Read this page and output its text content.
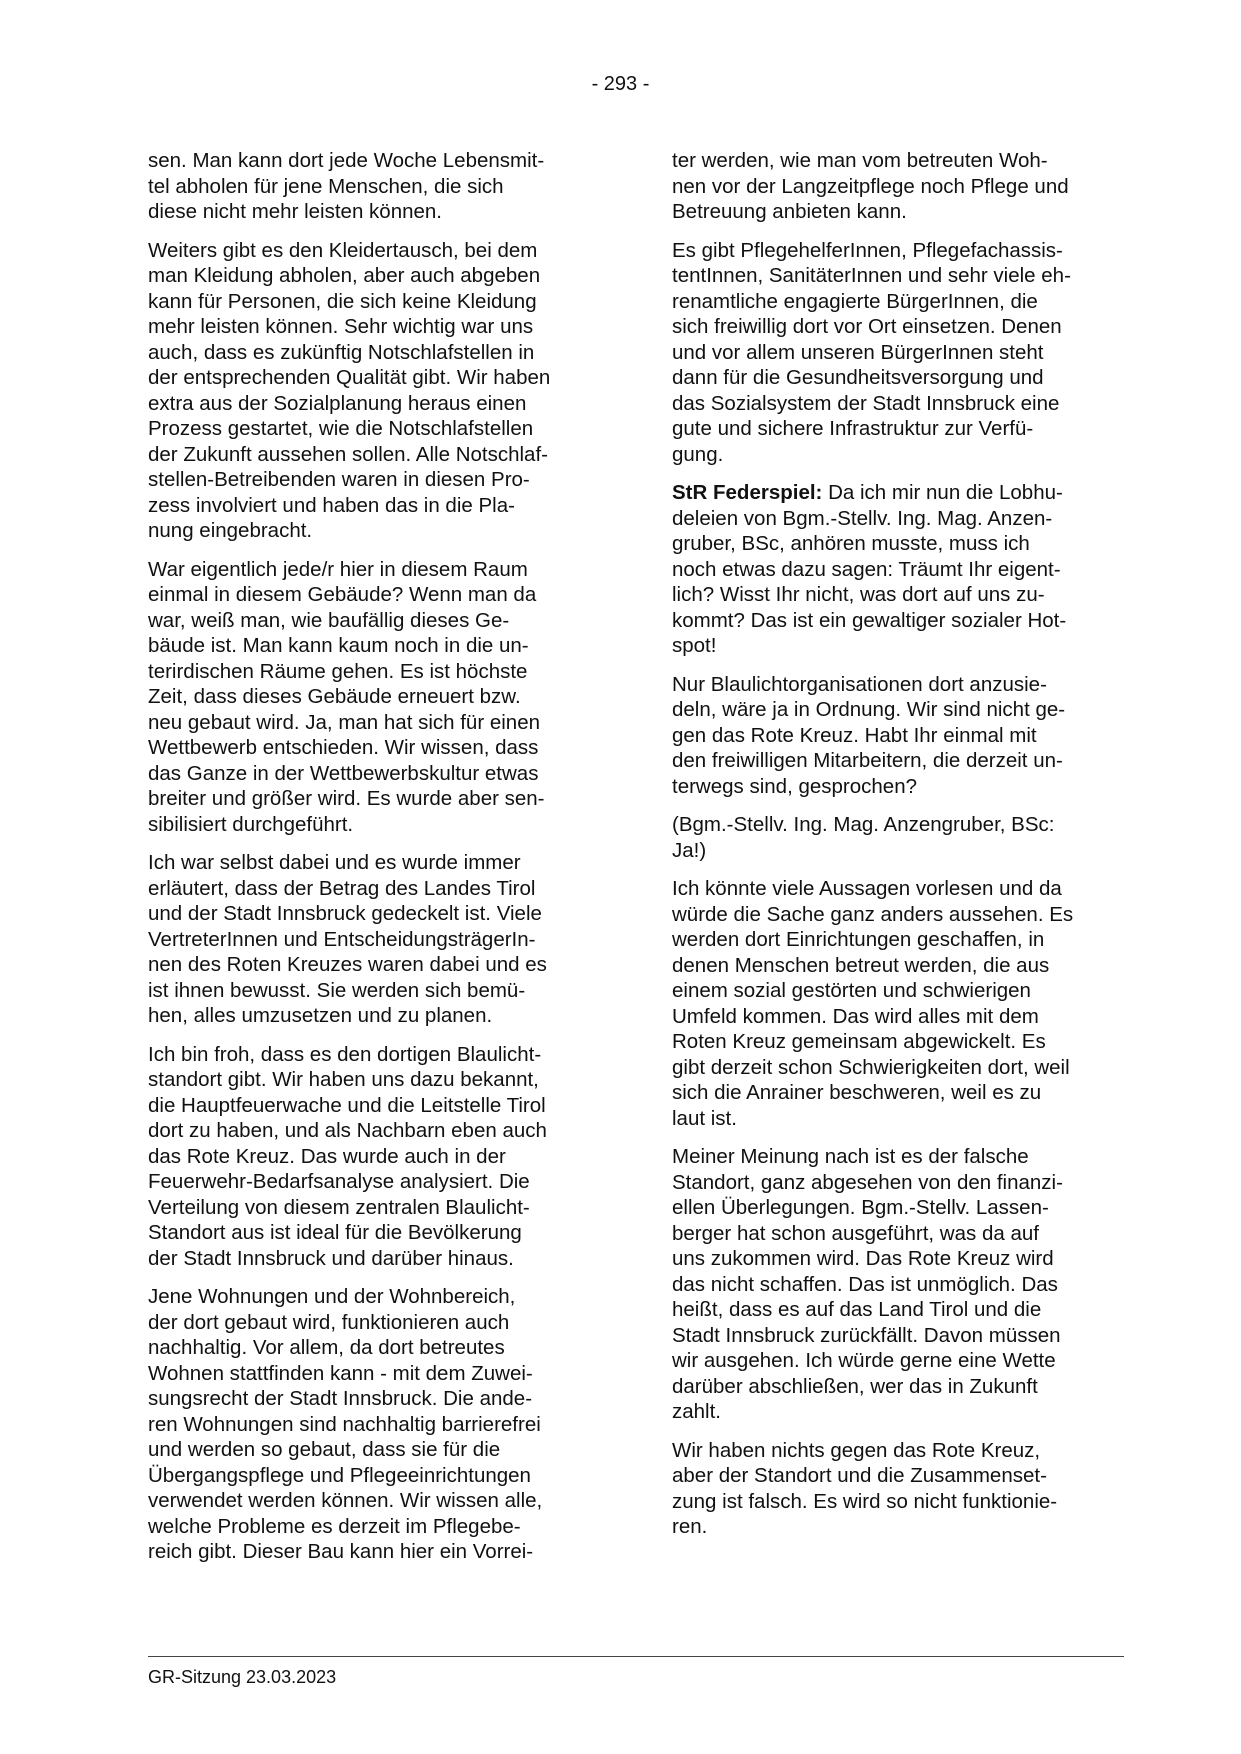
- 293 -

sen. Man kann dort jede Woche Lebensmit-
tel abholen für jene Menschen, die sich
diese nicht mehr leisten können.

Weiters gibt es den Kleidertausch, bei dem
man Kleidung abholen, aber auch abgeben
kann für Personen, die sich keine Kleidung
mehr leisten können. Sehr wichtig war uns
auch, dass es zukünftig Notschlafstellen in
der entsprechenden Qualität gibt. Wir haben
extra aus der Sozialplanung heraus einen
Prozess gestartet, wie die Notschlafstellen
der Zukunft aussehen sollen. Alle Notschlaf-
stellen-Betreibenden waren in diesen Pro-
zess involviert und haben das in die Pla-
nung eingebracht.

War eigentlich jede/r hier in diesem Raum
einmal in diesem Gebäude? Wenn man da
war, weiß man, wie baufällig dieses Ge-
bäude ist. Man kann kaum noch in die un-
terirdischen Räume gehen. Es ist höchste
Zeit, dass dieses Gebäude erneuert bzw.
neu gebaut wird. Ja, man hat sich für einen
Wettbewerb entschieden. Wir wissen, dass
das Ganze in der Wettbewerbskultur etwas
breiter und größer wird. Es wurde aber sen-
sibilisiert durchgeführt.

Ich war selbst dabei und es wurde immer
erläutert, dass der Betrag des Landes Tirol
und der Stadt Innsbruck gedeckelt ist. Viele
VertreterInnen und EntscheidungsträgerIn-
nen des Roten Kreuzes waren dabei und es
ist ihnen bewusst. Sie werden sich bemü-
hen, alles umzusetzen und zu planen.

Ich bin froh, dass es den dortigen Blaulicht-
standort gibt. Wir haben uns dazu bekannt,
die Hauptfeuerwache und die Leitstelle Tirol
dort zu haben, und als Nachbarn eben auch
das Rote Kreuz. Das wurde auch in der
Feuerwehr-Bedarfsanalyse analysiert. Die
Verteilung von diesem zentralen Blaulicht-
Standort aus ist ideal für die Bevölkerung
der Stadt Innsbruck und darüber hinaus.

Jene Wohnungen und der Wohnbereich,
der dort gebaut wird, funktionieren auch
nachhaltig. Vor allem, da dort betreutes
Wohnen stattfinden kann - mit dem Zuwei-
sungsrecht der Stadt Innsbruck. Die ande-
ren Wohnungen sind nachhaltig barrierefrei
und werden so gebaut, dass sie für die
Übergangspflege und Pflegeeinrichtungen
verwendet werden können. Wir wissen alle,
welche Probleme es derzeit im Pflegebe-
reich gibt. Dieser Bau kann hier ein Vorrei-

ter werden, wie man vom betreuten Woh-
nen vor der Langzeitpflege noch Pflege und
Betreuung anbieten kann.

Es gibt PflegehelferInnen, Pflegefachassis-
tentInnen, SanitäterInnen und sehr viele eh-
renamtliche engagierte BürgerInnen, die
sich freiwillig dort vor Ort einsetzen. Denen
und vor allem unseren BürgerInnen steht
dann für die Gesundheitsversorgung und
das Sozialsystem der Stadt Innsbruck eine
gute und sichere Infrastruktur zur Verfü-
gung.

StR Federspiel: Da ich mir nun die Lobhu-
deleien von Bgm.-Stellv. Ing. Mag. Anzen-
gruber, BSc, anhören musste, muss ich
noch etwas dazu sagen: Träumt Ihr eigent-
lich? Wisst Ihr nicht, was dort auf uns zu-
kommt? Das ist ein gewaltiger sozialer Hot-
spot!

Nur Blaulichtorganisationen dort anzusie-
deln, wäre ja in Ordnung. Wir sind nicht ge-
gen das Rote Kreuz. Habt Ihr einmal mit
den freiwilligen Mitarbeitern, die derzeit un-
terwegs sind, gesprochen?

(Bgm.-Stellv. Ing. Mag. Anzengruber, BSc:
Ja!)

Ich könnte viele Aussagen vorlesen und da
würde die Sache ganz anders aussehen. Es
werden dort Einrichtungen geschaffen, in
denen Menschen betreut werden, die aus
einem sozial gestörten und schwierigen
Umfeld kommen. Das wird alles mit dem
Roten Kreuz gemeinsam abgewickelt. Es
gibt derzeit schon Schwierigkeiten dort, weil
sich die Anrainer beschweren, weil es zu
laut ist.

Meiner Meinung nach ist es der falsche
Standort, ganz abgesehen von den finanzi-
ellen Überlegungen. Bgm.-Stellv. Lassen-
berger hat schon ausgeführt, was da auf
uns zukommen wird. Das Rote Kreuz wird
das nicht schaffen. Das ist unmöglich. Das
heißt, dass es auf das Land Tirol und die
Stadt Innsbruck zurückfällt. Davon müssen
wir ausgehen. Ich würde gerne eine Wette
darüber abschließen, wer das in Zukunft
zahlt.

Wir haben nichts gegen das Rote Kreuz,
aber der Standort und die Zusammenset-
zung ist falsch. Es wird so nicht funktionie-
ren.

GR-Sitzung 23.03.2023
